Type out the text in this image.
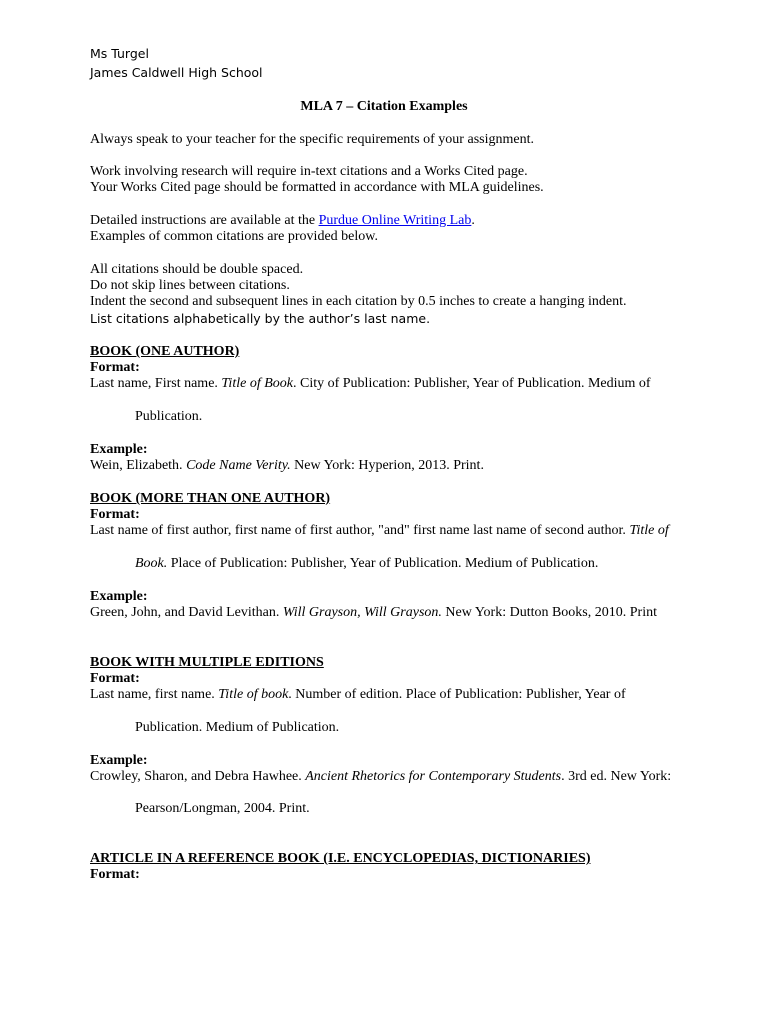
Ms Turgel
James Caldwell High School
MLA 7 – Citation Examples
Always speak to your teacher for the specific requirements of your assignment.
Work involving research will require in-text citations and a Works Cited page.
Your Works Cited page should be formatted in accordance with MLA guidelines.
Detailed instructions are available at the Purdue Online Writing Lab.
Examples of common citations are provided below.
All citations should be double spaced.
Do not skip lines between citations.
Indent the second and subsequent lines in each citation by 0.5 inches to create a hanging indent.
List citations alphabetically by the author’s last name.
BOOK (ONE AUTHOR)
Format:
Last name, First name. Title of Book. City of Publication: Publisher, Year of Publication. Medium of
Publication.
Example:
Wein, Elizabeth. Code Name Verity. New York: Hyperion, 2013. Print.
BOOK (MORE THAN ONE AUTHOR)
Format:
Last name of first author, first name of first author, "and" first name last name of second author. Title of
Book. Place of Publication: Publisher, Year of Publication. Medium of Publication.
Example:
Green, John, and David Levithan. Will Grayson, Will Grayson. New York: Dutton Books, 2010. Print
BOOK WITH MULTIPLE EDITIONS
Format:
Last name, first name. Title of book. Number of edition. Place of Publication: Publisher, Year of
Publication. Medium of Publication.
Example:
Crowley, Sharon, and Debra Hawhee. Ancient Rhetorics for Contemporary Students. 3rd ed. New York:
Pearson/Longman, 2004. Print.
ARTICLE IN A REFERENCE BOOK (I.E. ENCYCLOPEDIAS, DICTIONARIES)
Format:
